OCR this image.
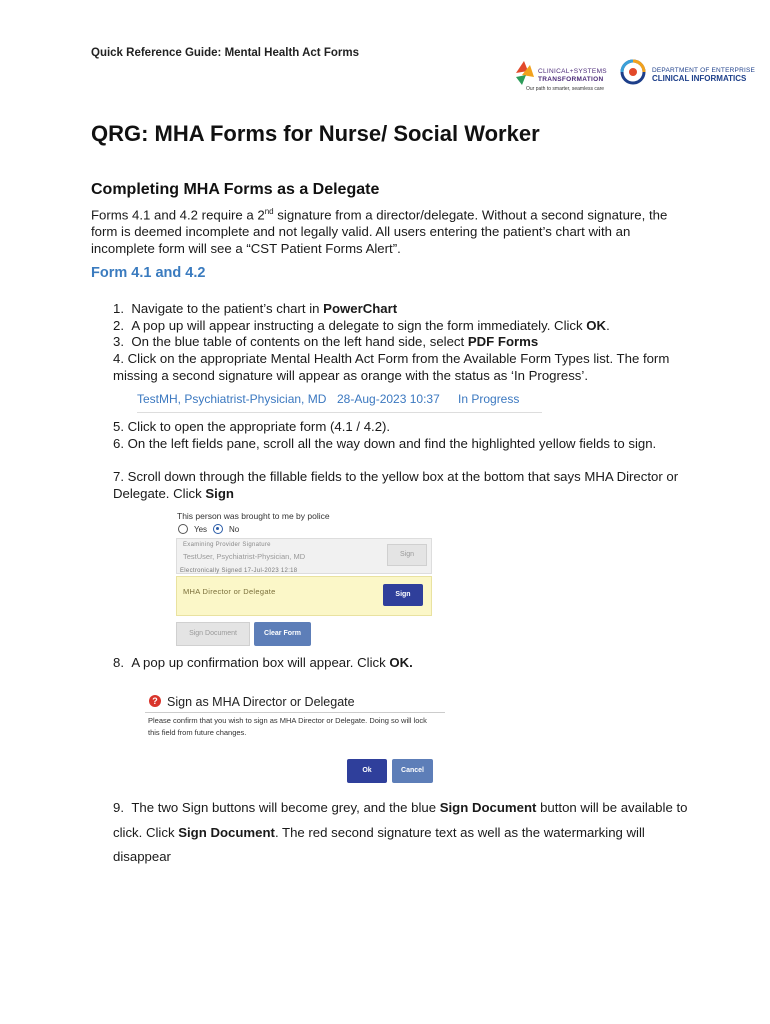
Quick Reference Guide: Mental Health Act Forms
CLINICAL+SYSTEMS
TRANSFORMATION
Our path to smarter, seamless care
DEPARTMENT OF ENTERPRISE
CLINICAL INFORMATICS
QRG: MHA Forms for Nurse/ Social Worker
Completing MHA Forms as a Delegate
Forms 4.1 and 4.2 require a 2nd signature from a director/delegate. Without a second signature, the form is deemed incomplete and not legally valid. All users entering the patient’s chart with an incomplete form will see a “CST Patient Forms Alert”.
Form 4.1 and 4.2
1. Navigate to the patient’s chart in PowerChart
2. A pop up will appear instructing a delegate to sign the form immediately. Click OK.
3. On the blue table of contents on the left hand side, select PDF Forms
4. Click on the appropriate Mental Health Act Form from the Available Form Types list. The form missing a second signature will appear as orange with the status as ‘In Progress’.
TestMH, Psychiatrist-Physician, MD 28-Aug-2023 10:37 In Progress
5. Click to open the appropriate form (4.1 / 4.2).
6. On the left fields pane, scroll all the way down and find the highlighted yellow fields to sign.
7. Scroll down through the fillable fields to the yellow box at the bottom that says MHA Director or Delegate. Click Sign
This person was brought to me by police
Yes	No
Examining Provider Signature
TestUser, Psychiatrist-Physician, MD	Sign
Electronically Signed 17-Jul-2023 12:18
MHA Director or Delegate	Sign
Sign Document	Clear Form
8. A pop up confirmation box will appear. Click OK.
? Sign as MHA Director or Delegate
Please confirm that you wish to sign as MHA Director or Delegate. Doing so will lock this field from future changes.
Ok	Cancel
9. The two Sign buttons will become grey, and the blue Sign Document button will be available to click. Click Sign Document. The red second signature text as well as the watermarking will disappear
